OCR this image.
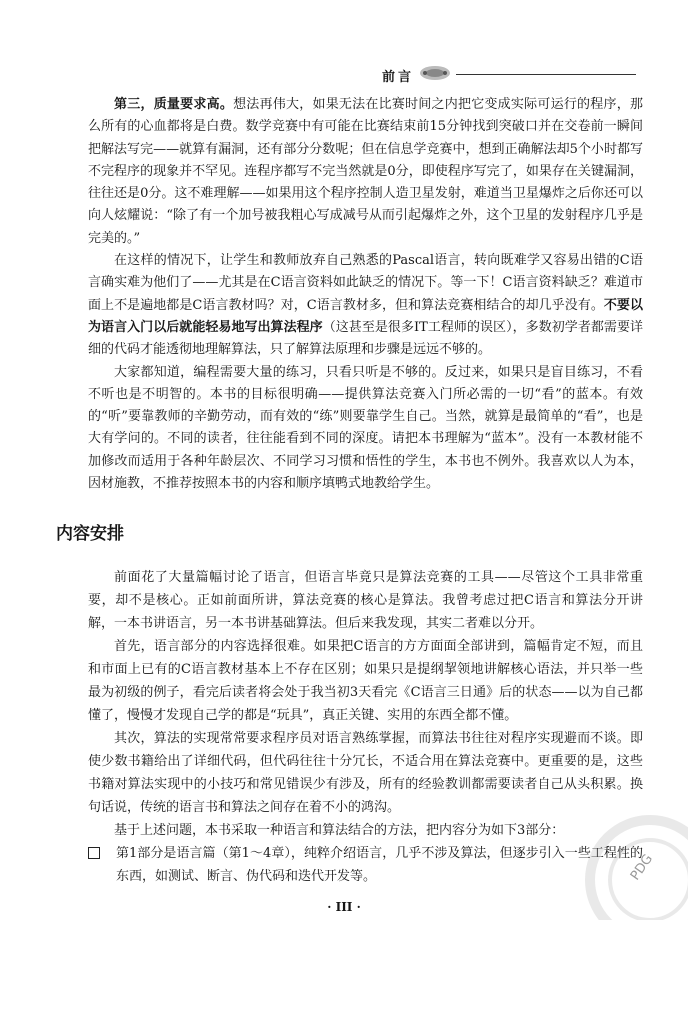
前言

第三，质量要求高。想法再伟大，如果无法在比赛时间之内把它变成实际可运行的程序，那么所有的心血都将是白费。数学竞赛中有可能在比赛结束前15分钟找到突破口并在交卷前一瞬间把解法写完——就算有漏洞，还有部分分数呢；但在信息学竞赛中，想到正确解法却5个小时都写不完程序的现象并不罕见。连程序都写不完当然就是0分，即使程序写完了，如果存在关键漏洞，往往还是0分。这不难理解——如果用这个程序控制人造卫星发射，难道当卫星爆炸之后你还可以向人炫耀说：“除了有一个加号被我粗心写成减号从而引起爆炸之外，这个卫星的发射程序几乎是完美的。”

在这样的情况下，让学生和教师放弃自己熟悉的Pascal语言，转向既难学又容易出错的C语言确实难为他们了——尤其是在C语言资料如此缺乏的情况下。等一下！C语言资料缺乏？难道市面上不是遍地都是C语言教材吗？对，C语言教材多，但和算法竞赛相结合的却几乎没有。不要以为语言入门以后就能轻易地写出算法程序（这甚至是很多IT工程师的误区），多数初学者都需要详细的代码才能透彻地理解算法，只了解算法原理和步骤是远远不够的。

大家都知道，编程需要大量的练习，只看只听是不够的。反过来，如果只是盲目练习，不看不听也是不明智的。本书的目标很明确——提供算法竞赛入门所必需的一切“看”的蓝本。有效的“听”要靠教师的辛勤劳动，而有效的“练”则要靠学生自己。当然，就算是最简单的“看”，也是大有学问的。不同的读者，往往能看到不同的深度。请把本书理解为“蓝本”。没有一本教材能不加修改而适用于各种年龄层次、不同学习习惯和悟性的学生，本书也不例外。我喜欢以人为本，因材施教，不推荐按照本书的内容和顺序填鸭式地教给学生。

内容安排

前面花了大量篇幅讨论了语言，但语言毕竟只是算法竞赛的工具——尽管这个工具非常重要，却不是核心。正如前面所讲，算法竞赛的核心是算法。我曾考虑过把C语言和算法分开讲解，一本书讲语言，另一本书讲基础算法。但后来我发现，其实二者难以分开。

首先，语言部分的内容选择很难。如果把C语言的方方面面全部讲到，篇幅肯定不短，而且和市面上已有的C语言教材基本上不存在区别；如果只是提纲挈领地讲解核心语法，并只举一些最为初级的例子，看完后读者将会处于我当初3天看完《C语言三日通》后的状态——以为自己都懂了，慢慢才发现自己学的都是“玩具”，真正关键、实用的东西全都不懂。

其次，算法的实现常常要求程序员对语言熟练掌握，而算法书往往对程序实现避而不谈。即使少数书籍给出了详细代码，但代码往往十分冗长，不适合用在算法竞赛中。更重要的是，这些书籍对算法实现中的小技巧和常见错误少有涉及，所有的经验教训都需要读者自己从头积累。换句话说，传统的语言书和算法之间存在着不小的鸿沟。

基于上述问题，本书采取一种语言和算法结合的方法，把内容分为如下3部分：

第1部分是语言篇（第1～4章），纯粹介绍语言，几乎不涉及算法，但逐步引入一些工程性的东西，如测试、断言、伪代码和迭代开发等。
· III ·
PDG
